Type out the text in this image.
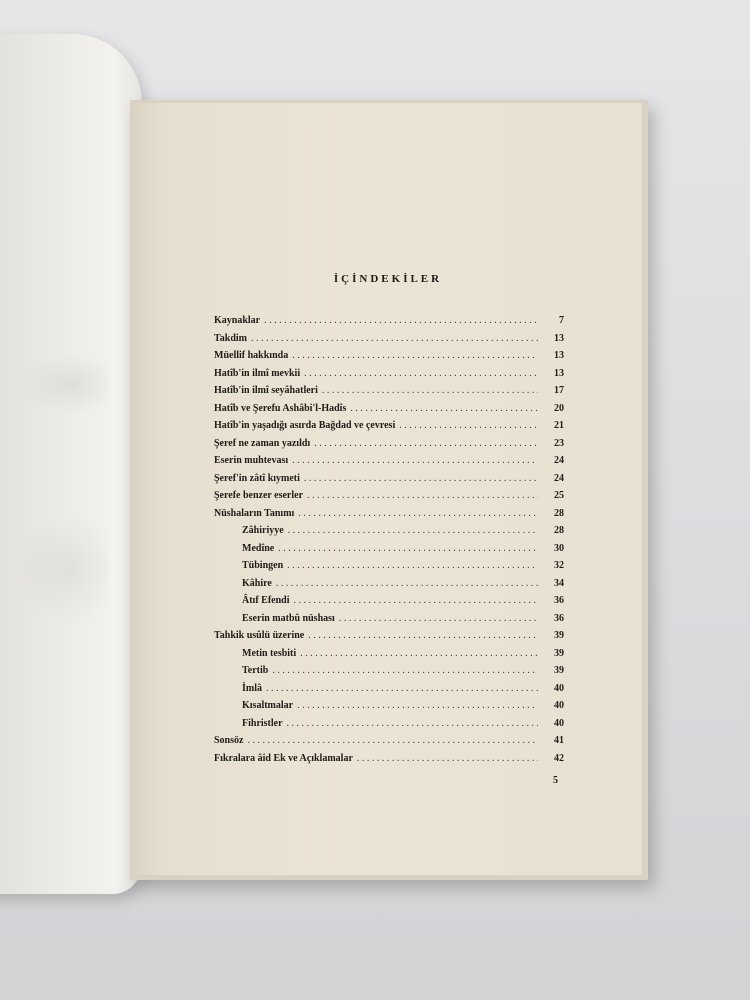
İÇİNDEKİLER
Kaynaklar . . .	7
Takdim . . .	13
Müellif hakkında . . .	13
Hatîb'in ilmî mevkii . . .	13
Hatîb'in ilmî seyâhatleri . . .	17
Hatîb ve Şerefu Ashâbi'l-Hadîs . . .	20
Hatîb'in yaşadığı asırda Bağdad ve çevresi . . .	21
Şeref ne zaman yazıldı . . .	23
Eserin muhtevası . . .	24
Şeref'in zâtî kıymeti . . .	24
Şerefe benzer eserler . . .	25
Nüshaların Tanımı . . .	28
Zâhiriyye . . .	28
Medîne . . .	30
Tübingen . . .	32
Kâhire . . .	34
Âtıf Efendi . . .	36
Eserin matbû nüshası . . .	36
Tahkik usûlü üzerine . . .	39
Metin tesbiti . . .	39
Tertib . . .	39
İmlâ . . .	40
Kısaltmalar . . .	40
Fihristler . . .	40
Sonsöz . . .	41
Fıkralara âid Ek ve Açıklamalar . . .	42
5
